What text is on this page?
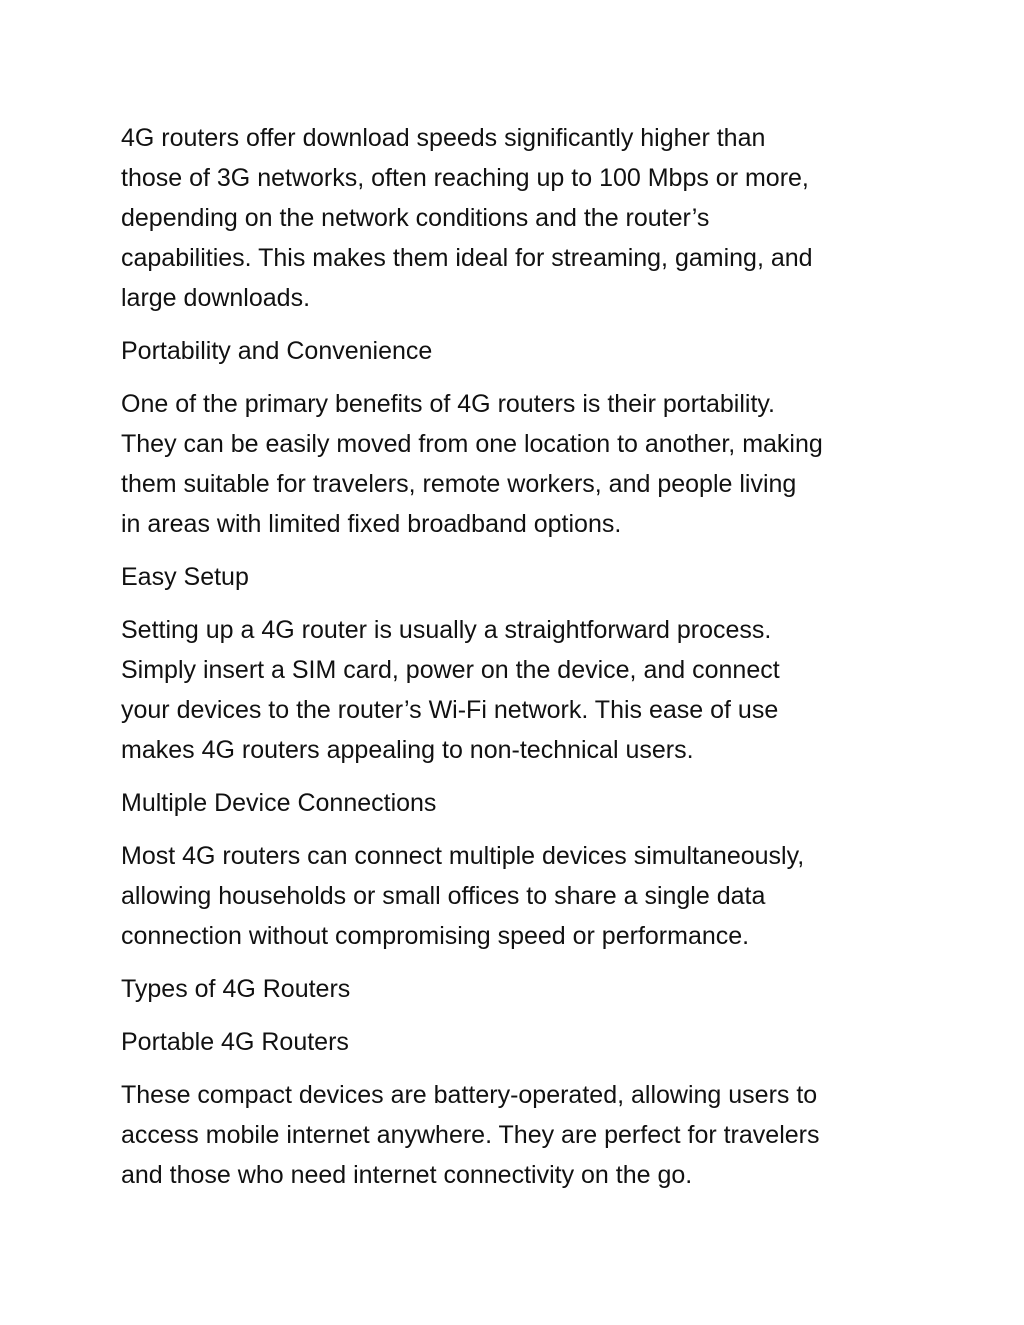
4G routers offer download speeds significantly higher than
those of 3G networks, often reaching up to 100 Mbps or more,
depending on the network conditions and the router’s
capabilities. This makes them ideal for streaming, gaming, and
large downloads.

Portability and Convenience

One of the primary benefits of 4G routers is their portability.
They can be easily moved from one location to another, making
them suitable for travelers, remote workers, and people living
in areas with limited fixed broadband options.

Easy Setup

Setting up a 4G router is usually a straightforward process.
Simply insert a SIM card, power on the device, and connect
your devices to the router’s Wi-Fi network. This ease of use
makes 4G routers appealing to non-technical users.

Multiple Device Connections

Most 4G routers can connect multiple devices simultaneously,
allowing households or small offices to share a single data
connection without compromising speed or performance.

Types of 4G Routers

Portable 4G Routers

These compact devices are battery-operated, allowing users to
access mobile internet anywhere. They are perfect for travelers
and those who need internet connectivity on the go.
